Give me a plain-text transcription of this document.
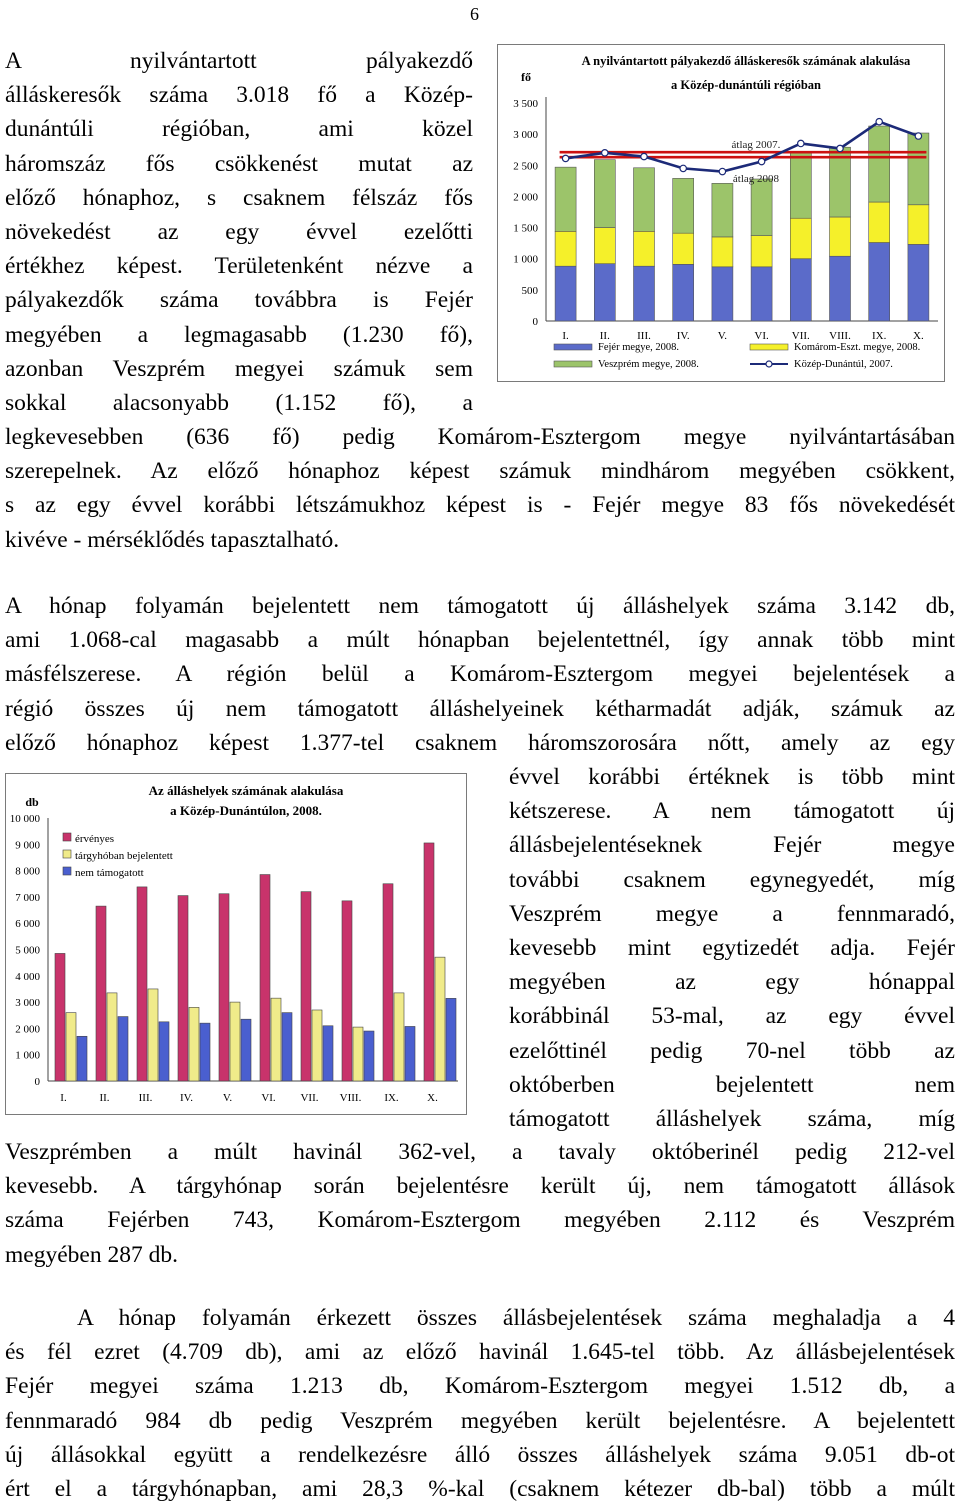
6
A nyilvántartott pályakezdő
álláskeresők száma 3.018 fő a Közép-
dunántúli régióban, ami közel
háromszáz fős csökkenést mutat az
előző hónaphoz, s csaknem félszáz fős
növekedést az egy évvel ezelőtti
értékhez képest. Területenként nézve a
pályakezdők száma továbbra is Fejér
megyében a legmagasabb (1.230 fő),
azonban Veszprém megyei számuk sem
sokkal alacsonyabb (1.152 fő), a
legkevesebben (636 fő) pedig Komárom-Esztergom megye nyilvántartásában
szerepelnek. Az előző hónaphoz képest számuk mindhárom megyében csökkent,
s az egy évvel korábbi létszámukhoz képest is - Fejér megye 83 fős növekedését
kivéve - mérséklődés tapasztalható.
A hónap folyamán bejelentett nem támogatott új álláshelyek száma 3.142 db,
ami 1.068-cal magasabb a múlt hónapban bejelentettnél, így annak több mint
másfélszerese. A régión belül a Komárom-Esztergom megyei bejelentések a
régió összes új nem támogatott álláshelyeinek kétharmadát adják, számuk az
előző hónaphoz képest 1.377-tel csaknem háromszorosára nőtt, amely az egy
évvel korábbi értéknek is több mint
kétszerese. A nem támogatott új
állásbejelentéseknek Fejér megye
további csaknem egynegyedét, míg
Veszprém megye a fennmaradó,
kevesebb mint egytizedét adja. Fejér
megyében az egy hónappal
korábbinál 53-mal, az egy évvel
ezelőttinél pedig 70-nel több az
októberben bejelentett nem
támogatott álláshelyek száma, míg
Veszprémben a múlt havinál 362-vel, a tavaly októberinél pedig 212-vel
kevesebb. A tárgyhónap során bejelentésre került új, nem támogatott állások
száma Fejérben 743, Komárom-Esztergom megyében 2.112 és Veszprém
megyében 287 db.
A hónap folyamán érkezett összes állásbejelentések száma meghaladja a 4
és fél ezret (4.709 db), ami az előző havinál 1.645-tel több. Az állásbejelentések
Fejér megyei száma 1.213 db, Komárom-Esztergom megyei 1.512 db, a
fennmaradó 984 db pedig Veszprém megyében került bejelentésre. A bejelentett
új állásokkal együtt a rendelkezésre álló összes álláshelyek száma 9.051 db-ot
ért el a tárgyhónapban, ami 28,3 %-kal (csaknem kétezer db-bal) több a múlt
A nyilvántartott pályakezdő álláskeresők számának alakulása
a Közép-dunántúli régióban
fő
0
500
1 000
1 500
2 000
2 500
3 000
3 500
I.	II. III. IV.	V. VI. VII. VIII. IX. X.
átlag 2007.
átlag 2008
Fejér megye, 2008.	Komárom-Eszt. megye, 2008.
Veszprém megye, 2008.	Közép-Dunántúl, 2007.
Az álláshelyek számának alakulása
a Közép-Dunántúlon, 2008.
db
0
1 000
2 000
3 000
4 000
5 000
6 000
7 000
8 000
9 000
10 000
I.	II.	III.	IV.	V.	VI. VII. VIII. IX.	X.
érvényes
tárgyhóban bejelentett
nem támogatott
